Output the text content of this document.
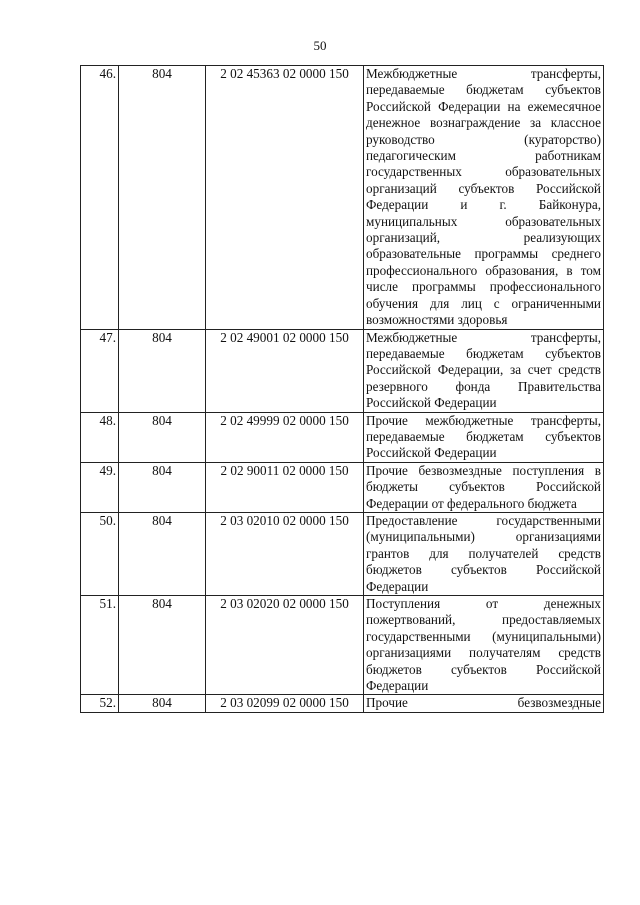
50
46.	804	2 02 45363 02 0000 150	Межбюджетные трансферты, передаваемые бюджетам субъектов Российской Федерации на ежемесячное денежное вознаграждение за классное руководство (кураторство) педагогическим работникам государственных образовательных организаций субъектов Российской Федерации и г. Байконура, муниципальных образовательных организаций, реализующих образовательные программы среднего профессионального образования, в том числе программы профессионального обучения для лиц с ограниченными возможностями здоровья
47.	804	2 02 49001 02 0000 150	Межбюджетные трансферты, передаваемые бюджетам субъектов Российской Федерации, за счет средств резервного фонда Правительства Российской Федерации
48.	804	2 02 49999 02 0000 150	Прочие межбюджетные трансферты, передаваемые бюджетам субъектов Российской Федерации
49.	804	2 02 90011 02 0000 150	Прочие безвозмездные поступления в бюджеты субъектов Российской Федерации от федерального бюджета
50.	804	2 03 02010 02 0000 150	Предоставление государственными (муниципальными) организациями грантов для получателей средств бюджетов субъектов Российской Федерации
51.	804	2 03 02020 02 0000 150	Поступления от денежных пожертвований, предоставляемых государственными (муниципальными) организациями получателям средств бюджетов субъектов Российской Федерации
52.	804	2 03 02099 02 0000 150	Прочие безвозмездные
